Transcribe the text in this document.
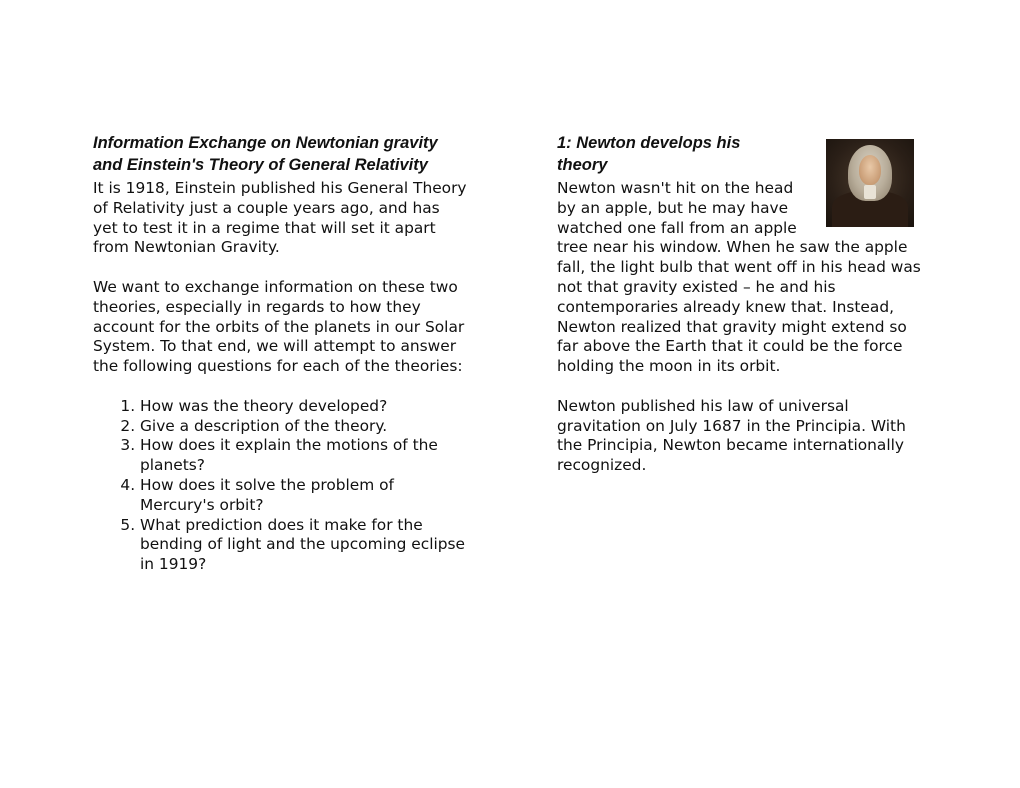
Information Exchange on Newtonian gravity and Einstein's Theory of General Relativity

It is 1918, Einstein published his General Theory of Relativity just a couple years ago, and has yet to test it in a regime that will set it apart from Newtonian Gravity.

We want to exchange information on these two theories, especially in regards to how they account for the orbits of the planets in our Solar System. To that end, we will attempt to answer the following questions for each of the theories:

1. How was the theory developed?
2. Give a description of the theory.
3. How does it explain the motions of the planets?
4. How does it solve the problem of Mercury's orbit?
5. What prediction does it make for the bending of light and the upcoming eclipse in 1919?
1: Newton develops his theory

Newton wasn't hit on the head by an apple, but he may have watched one fall from an apple tree near his window. When he saw the apple fall, the light bulb that went off in his head was not that gravity existed – he and his contemporaries already knew that. Instead, Newton realized that gravity might extend so far above the Earth that it could be the force holding the moon in its orbit.

Newton published his law of universal gravitation on July 1687 in the Principia. With the Principia, Newton became internationally recognized.
